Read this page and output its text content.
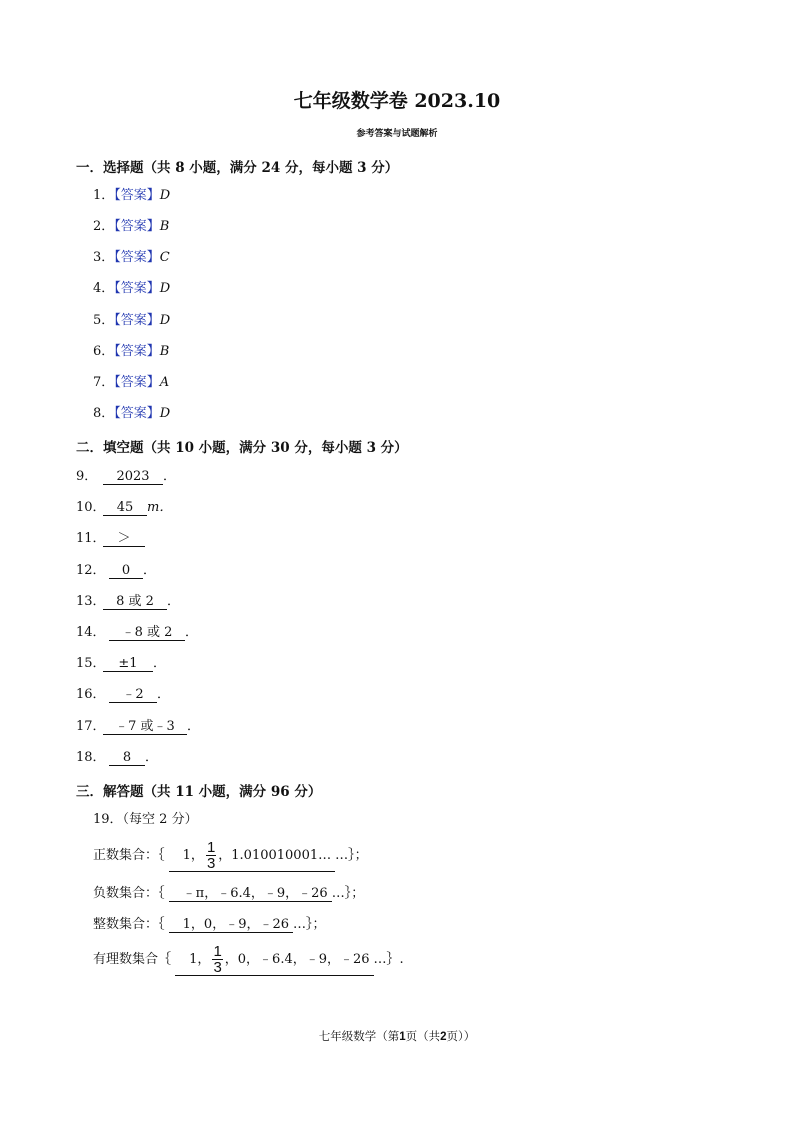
七年级数学卷 2023.10
参考答案与试题解析
一．选择题（共 8 小题，满分 24 分，每小题 3 分）
1．【答案】D
2．【答案】B
3．【答案】C
4．【答案】D
5．【答案】D
6．【答案】B
7．【答案】A
8．【答案】D
二．填空题（共 10 小题，满分 30 分，每小题 3 分）
9． 2023 ．
10． 45 m．
11． ＞
12． 0 ．
13． 8 或 2 ．
14． ﹣8 或 2 ．
15． ±1 ．
16． ﹣2 ．
17． ﹣7 或﹣3 ．
18． 8 ．
三．解答题（共 11 小题，满分 96 分）
19．（每空 2 分）
正数集合：｛ 1， $\frac{1}{3}$ ，1.010010001… …｝；
负数集合：｛ ﹣π，﹣6.4，﹣9，﹣26 …｝；
整数集合：｛ 1，0，﹣9，﹣26 …｝；
有理数集合｛ 1， $\frac{1}{3}$ ，0，﹣6.4，﹣9，﹣26 …｝.
七年级数学（第1页（共2页））
